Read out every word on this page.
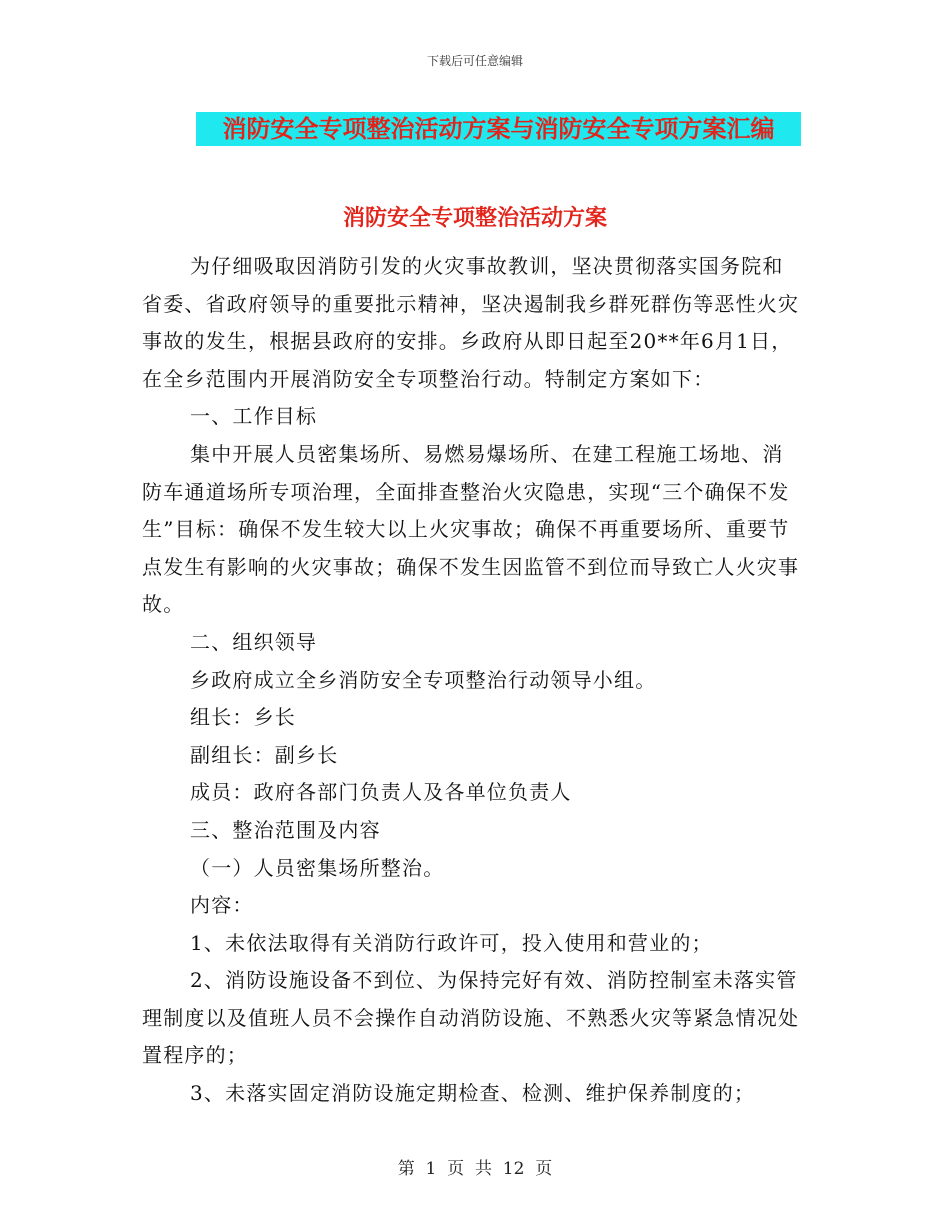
下载后可任意编辑
消防安全专项整治活动方案与消防安全专项方案汇编
消防安全专项整治活动方案

为仔细吸取因消防引发的火灾事故教训，坚决贯彻落实国务院和省委、省政府领导的重要批示精神，坚决遏制我乡群死群伤等恶性火灾事故的发生，根据县政府的安排。乡政府从即日起至20**年6月1日，在全乡范围内开展消防安全专项整治行动。特制定方案如下：

一、工作目标

集中开展人员密集场所、易燃易爆场所、在建工程施工场地、消防车通道场所专项治理，全面排查整治火灾隐患，实现“三个确保不发生”目标：确保不发生较大以上火灾事故；确保不再重要场所、重要节点发生有影响的火灾事故；确保不发生因监管不到位而导致亡人火灾事故。

二、组织领导

乡政府成立全乡消防安全专项整治行动领导小组。

组长：乡长

副组长：副乡长

成员：政府各部门负责人及各单位负责人

三、整治范围及内容

（一）人员密集场所整治。

内容：

1、未依法取得有关消防行政许可，投入使用和营业的；

2、消防设施设备不到位、为保持完好有效、消防控制室未落实管理制度以及值班人员不会操作自动消防设施、不熟悉火灾等紧急情况处置程序的；

3、未落实固定消防设施定期检查、检测、维护保养制度的；

第  1  页  共  12  页
